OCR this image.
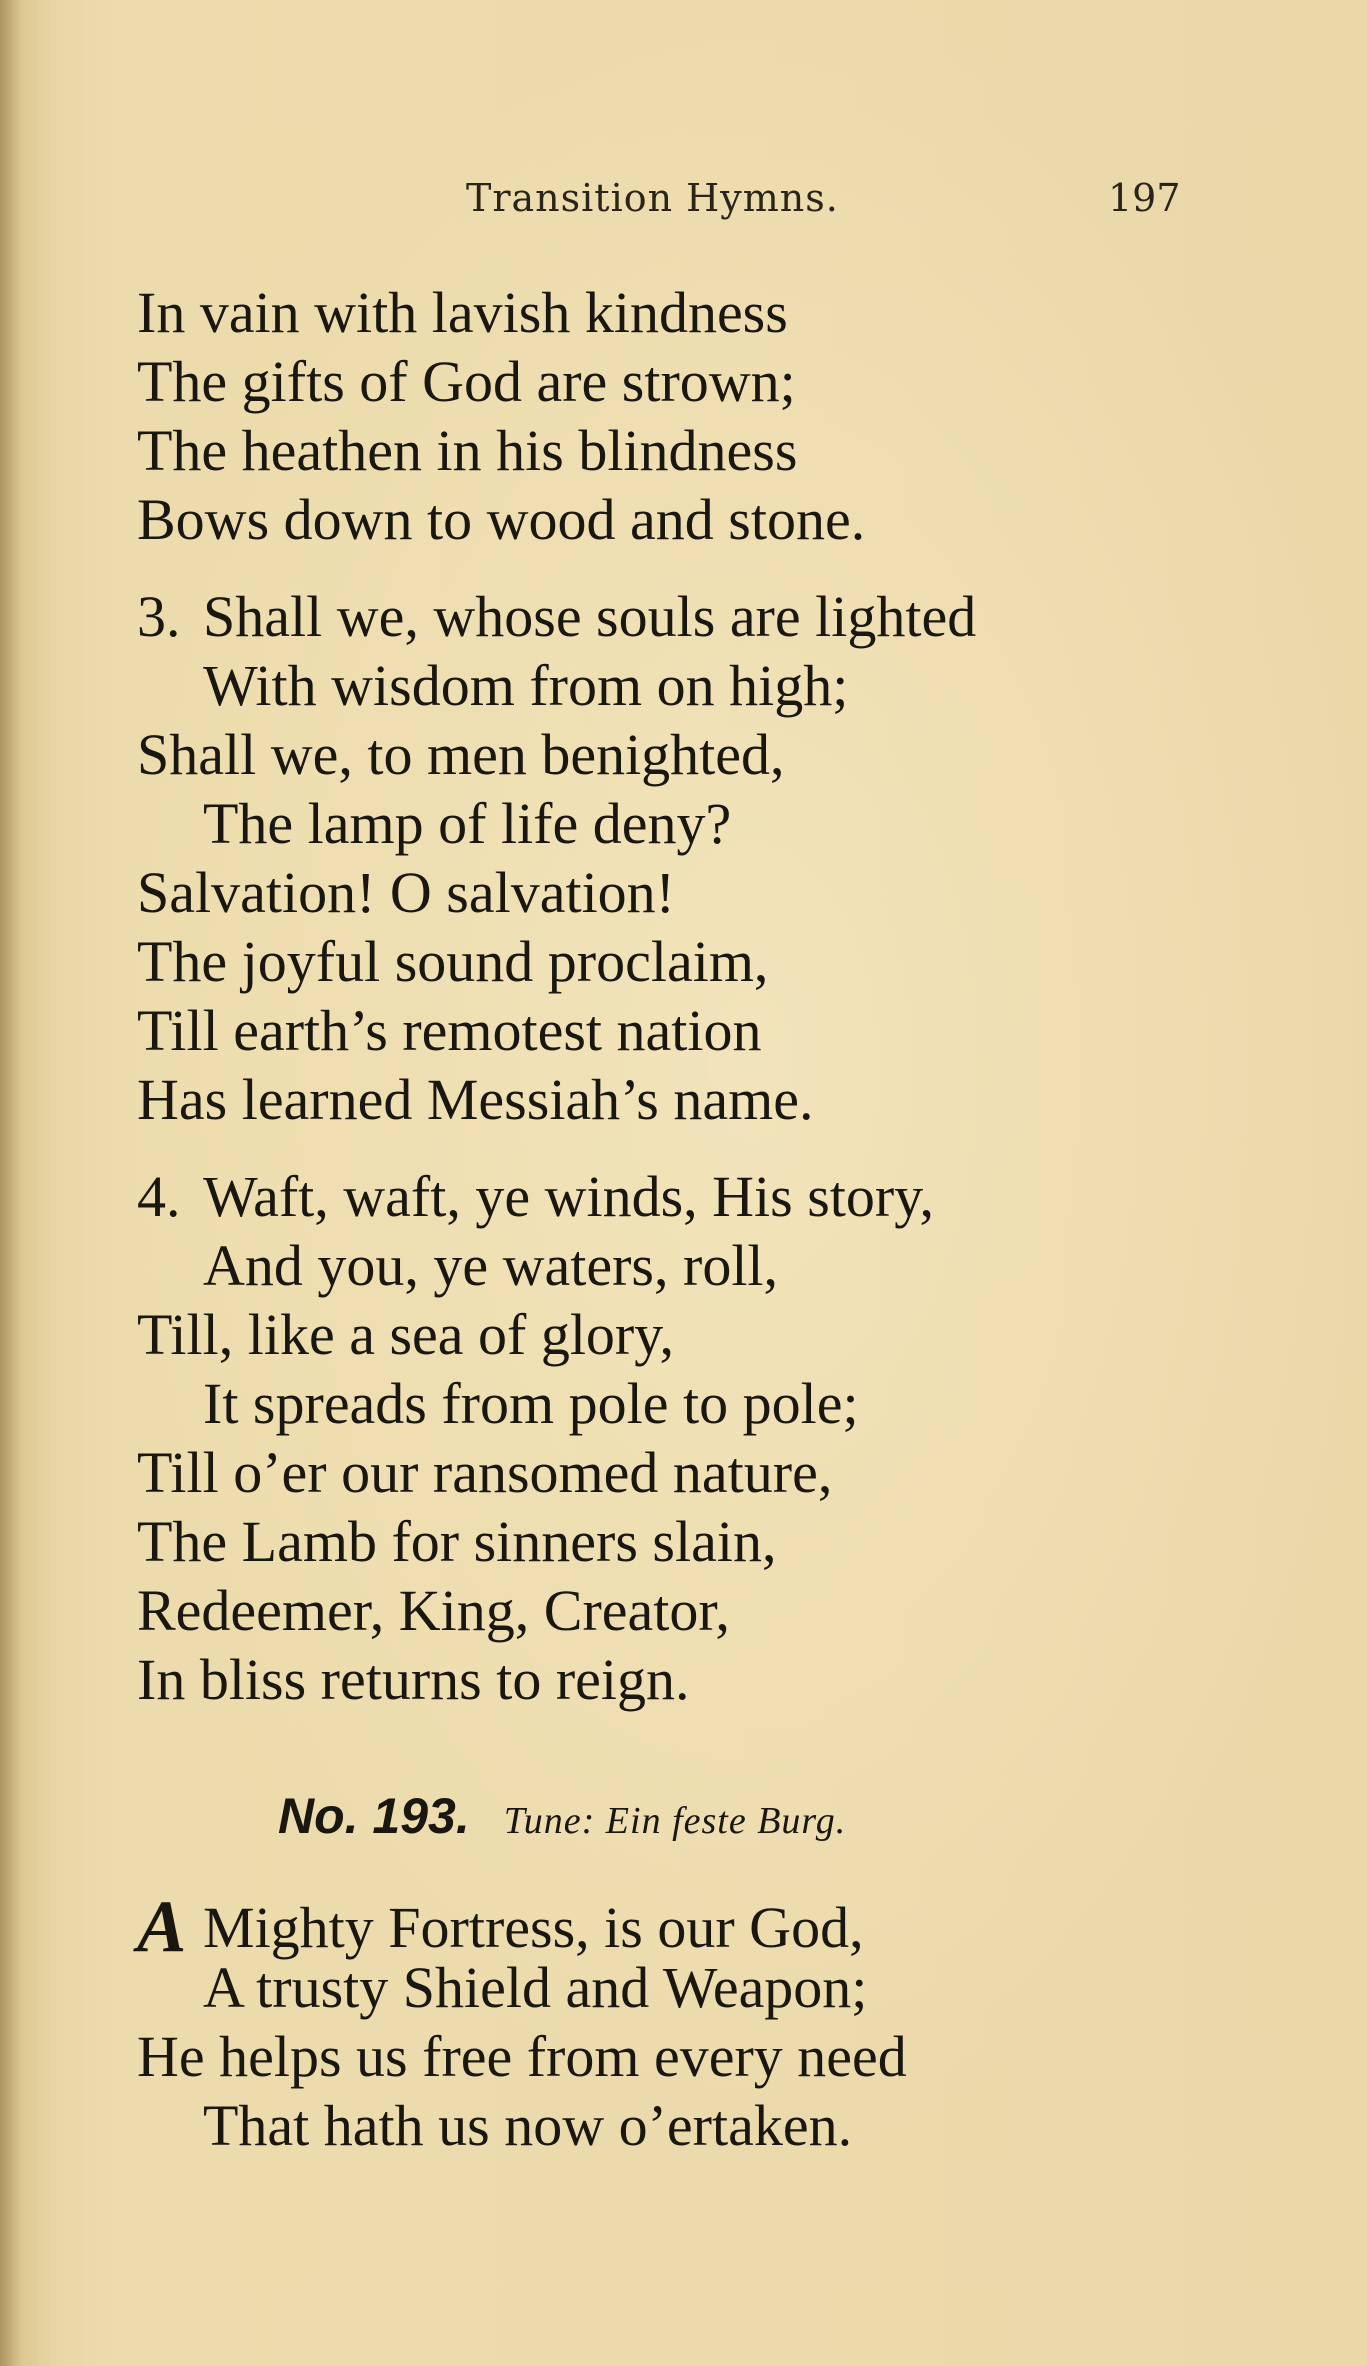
Transition Hymns.	197
In vain with lavish kindness
The gifts of God are strown;
The heathen in his blindness
Bows down to wood and stone.
3. Shall we, whose souls are lighted
With wisdom from on high;
Shall we, to men benighted,
The lamp of life deny?
Salvation! O salvation!
The joyful sound proclaim,
Till earth’s remotest nation
Has learned Messiah’s name.
4. Waft, waft, ye winds, His story,
And you, ye waters, roll,
Till, like a sea of glory,
It spreads from pole to pole;
Till o’er our ransomed nature,
The Lamb for sinners slain,
Redeemer, King, Creator,
In bliss returns to reign.
No. 193. Tune: Ein feste Burg.
A Mighty Fortress, is our God,
A trusty Shield and Weapon;
He helps us free from every need
That hath us now o’ertaken.
